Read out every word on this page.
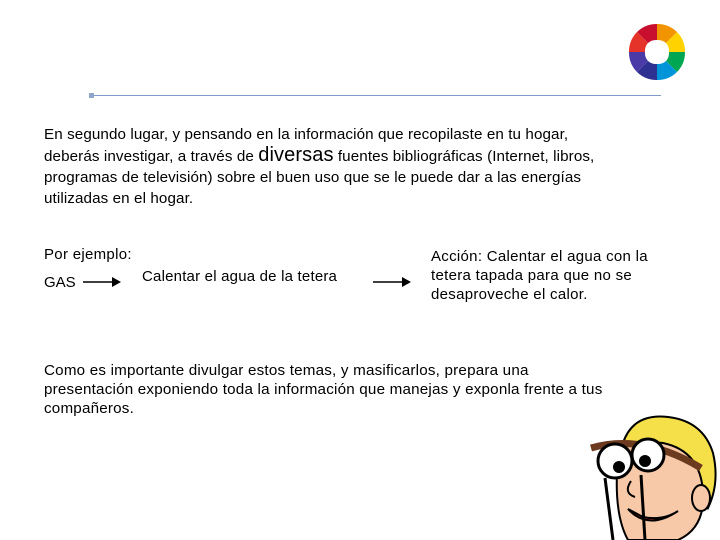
En segundo lugar, y pensando en la información que recopilaste en tu hogar, deberás investigar, a través de diversas fuentes bibliográficas (Internet, libros, programas de televisión) sobre el buen uso que se le puede dar a las energías utilizadas en el hogar.
Por ejemplo:
GAS	Calentar el agua de la tetera
Acción: Calentar el agua con la tetera tapada para que no se desaproveche el calor.
Como es importante divulgar estos temas, y masificarlos, prepara una presentación exponiendo toda la información que manejas y exponla frente a tus compañeros.
